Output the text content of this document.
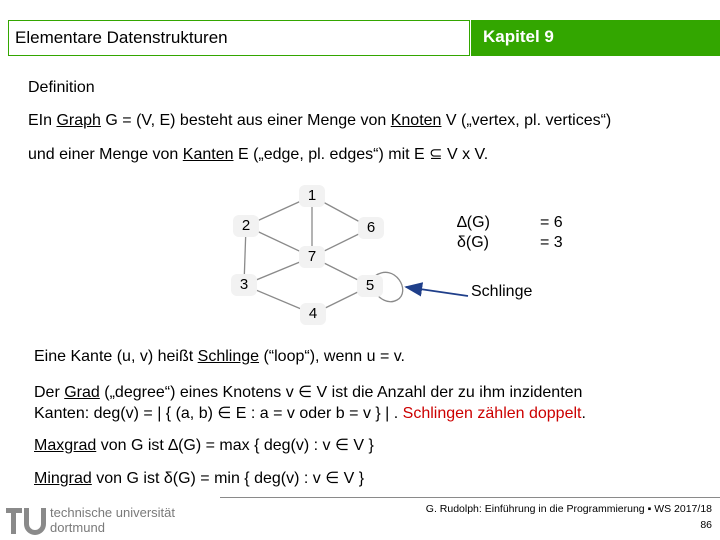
Elementare Datenstrukturen	Kapitel 9
Definition
EIn Graph G = (V, E) besteht aus einer Menge von Knoten V („vertex, pl. vertices“)
und einer Menge von Kanten E („edge, pl. edges“) mit E ⊆ V x V.
1
2	6
7
3	5
4
∆(G)	= 6
δ(G)	= 3
Schlinge
Eine Kante (u, v) heißt Schlinge (“loop“), wenn u = v.
Der Grad („degree“) eines Knotens v ∈ V ist die Anzahl der zu ihm inzidenten
Kanten: deg(v) = | { (a, b) ∈ E : a = v oder b = v } | . Schlingen zählen doppelt.
Maxgrad von G ist ∆(G) = max { deg(v) : v ∈ V }
Mingrad von G ist δ(G) = min { deg(v) : v ∈ V }
technische universität
dortmund
G. Rudolph: Einführung in die Programmierung ▪ WS 2017/18
86
